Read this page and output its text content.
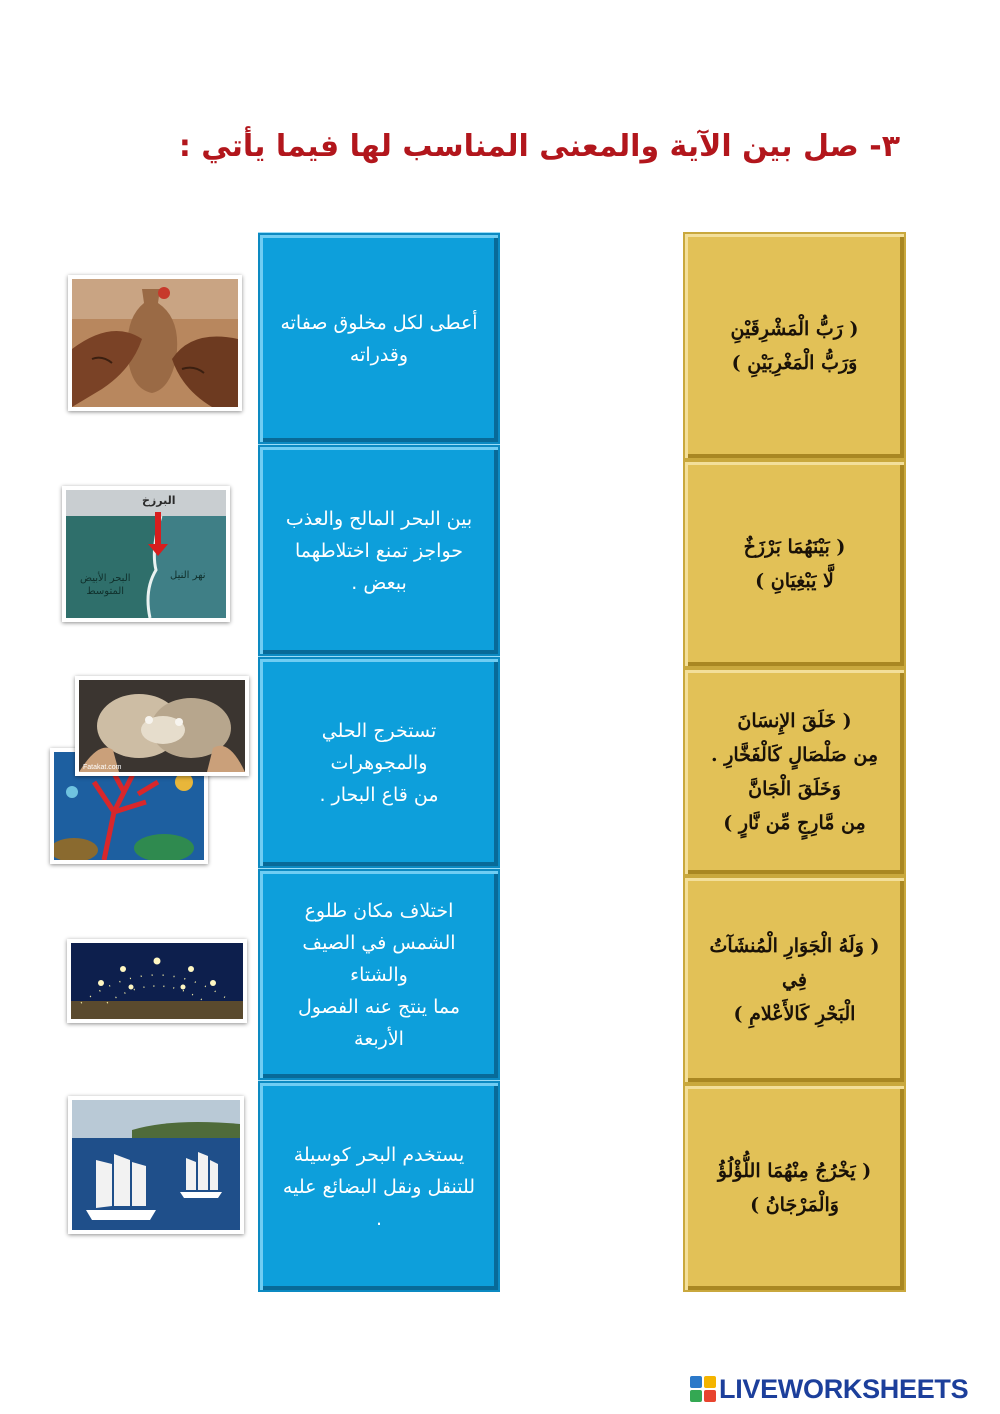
٣- صل بين الآية والمعنى المناسب لها فيما يأتي :
أعطى لكل مخلوق صفاته
وقدراته
بين البحر المالح والعذب
حواجز تمنع اختلاطهما
ببعض .
تستخرج الحلي والمجوهرات
من قاع البحار .
اختلاف مكان طلوع
الشمس في الصيف والشتاء
مما ينتج عنه الفصول الأربعة
يستخدم البحر كوسيلة
للتنقل ونقل البضائع عليه .
( رَبُّ الْمَشْرِقَيْنِ
وَرَبُّ الْمَغْرِبَيْنِ )
( بَيْنَهُمَا بَرْزَخٌ
لَّا يَبْغِيَانِ )
( خَلَقَ الإِنسَانَ
مِن صَلْصَالٍ كَالْفَخَّارِ .
وَخَلَقَ الْجَانَّ
مِن مَّارِجٍ مِّن نَّارٍ )
( وَلَهُ الْجَوَارِ الْمُنشَآتُ فِي
الْبَحْرِ كَالأَعْلامِ )
( يَخْرُجُ مِنْهُمَا اللُّؤْلُؤُ
وَالْمَرْجَانُ )
البرزخ
نهر النيل
البحر الأبيض
المتوسط
Fatakat.com
LIVEWORKSHEETS
